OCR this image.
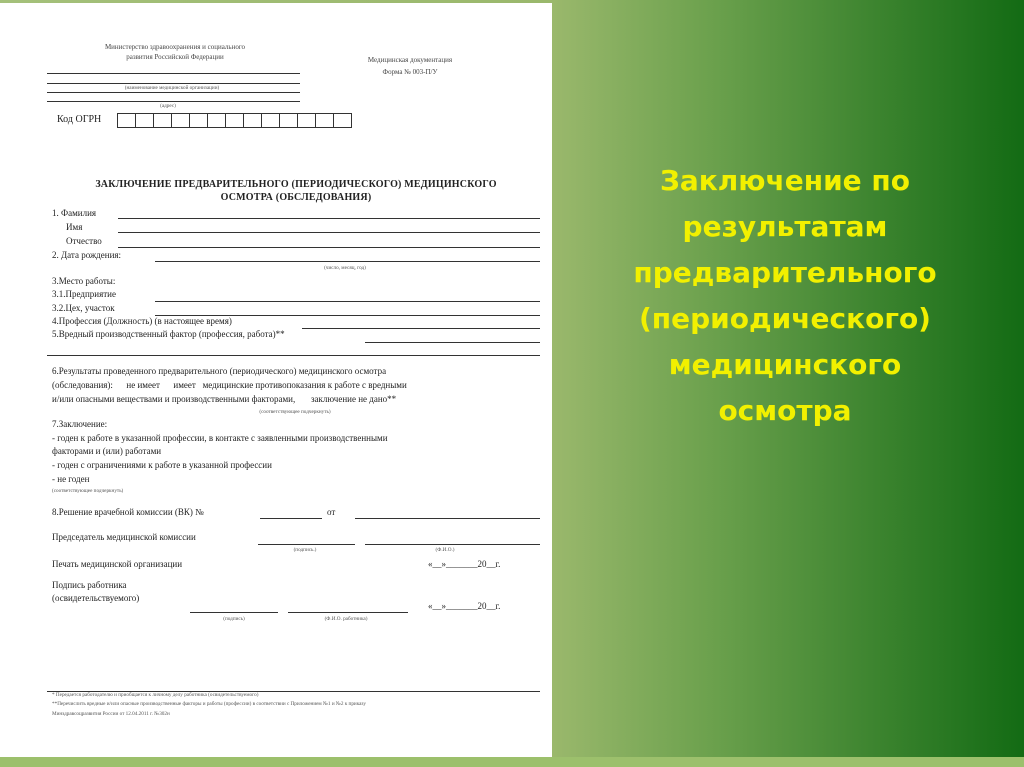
Министерство здравоохранения и социального
развития Российской Федерации	Медицинская документация
Форма № 003-П/У
(наименование медицинской организации)
(адрес)
Код ОГРН
ЗАКЛЮЧЕНИЕ ПРЕДВАРИТЕЛЬНОГО (ПЕРИОДИЧЕСКОГО) МЕДИЦИНСКОГО
ОСМОТРА (ОБСЛЕДОВАНИЯ)
1. Фамилия
Имя
Отчество
2. Дата рождения:
(число, месяц, год)
3.Место работы:
3.1.Предприятие
3.2.Цех, участок
4.Профессия (Должность) (в настоящее время)
5.Вредный производственный фактор (профессия, работа)**
6.Результаты проведенного предварительного (периодического) медицинского осмотра
(обследования):      не имеет      имеет   медицинские противопоказания к работе с вредными
и/или опасными веществами и производственными факторами,       заключение не дано**
(соответствующее подчеркнуть)
7.Заключение:
- годен к работе в указанной профессии, в контакте с заявленными производственными
факторами и (или) работами
- годен с ограничениями к работе в указанной профессии
- не годен
(соответствующее подчеркнуть)
8.Решение врачебной комиссии (ВК) №	от
Председатель медицинской комиссии
(подпись.)	(Ф.И.О.)
Печать медицинской организации	«__»_______20__г.
Подпись работника
(освидетельствуемого)
«__»_______20__г.
(подпись)	(Ф.И.О. работника)
* Передается работодателю и приобщается к личному делу работника (освидетельствуемого)
**Перечислить вредные и/или опасные производственные факторы и работы (профессии) в соответствии с Приложением №1 и №2 к приказу
Минздравсоцразвития России от 12.04.2011 г. №302н
Заключение по
результатам
предварительного
(периодического)
медицинского
осмотра
